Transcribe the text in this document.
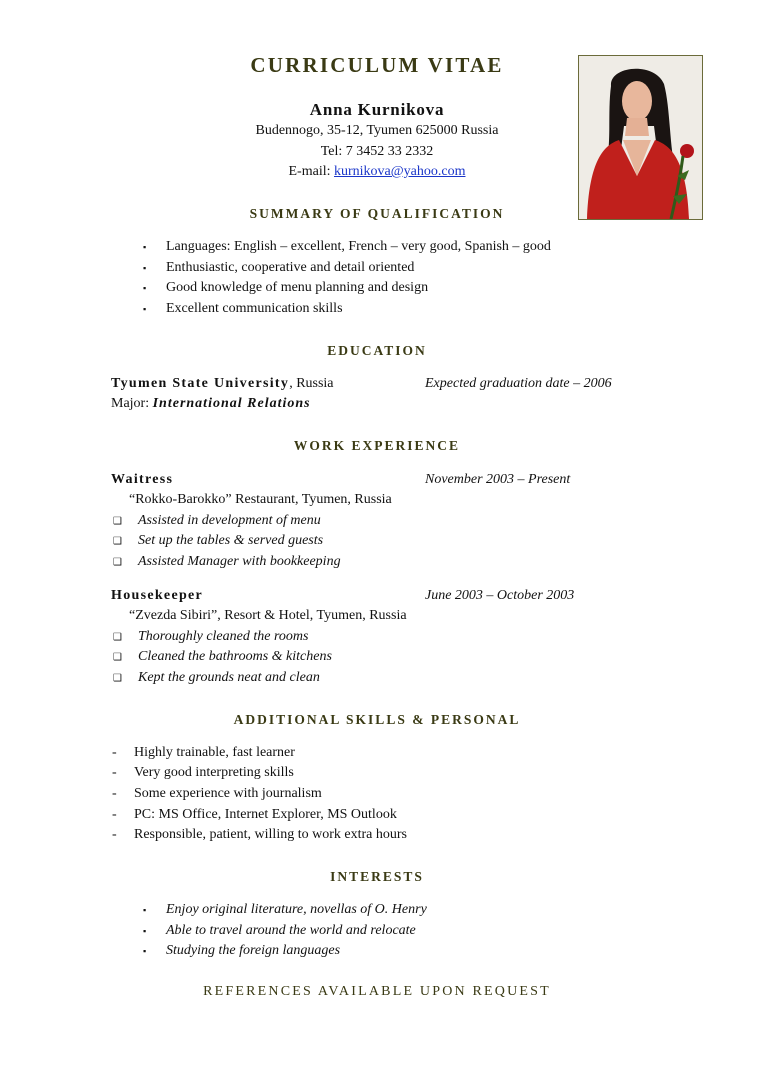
CURRICULUM VITAE
Anna Kurnikova
Budennogo, 35-12, Tyumen 625000 Russia
Tel: 7 3452 33 2332
E-mail: kurnikova@yahoo.com
SUMMARY OF QUALIFICATION
▪ Languages: English – excellent, French – very good, Spanish – good
▪ Enthusiastic, cooperative and detail oriented
▪ Good knowledge of menu planning and design
▪ Excellent communication skills
EDUCATION
Tyumen State University, Russia	Expected graduation date – 2006
Major: International Relations
WORK EXPERIENCE
Waitress	November 2003 – Present
“Rokko-Barokko” Restaurant, Tyumen, Russia
❑ Assisted in development of menu
❑ Set up the tables & served guests
❑ Assisted Manager with bookkeeping
Housekeeper	June 2003 – October 2003
“Zvezda Sibiri”, Resort & Hotel, Tyumen, Russia
❑ Thoroughly cleaned the rooms
❑ Cleaned the bathrooms & kitchens
❑ Kept the grounds neat and clean
ADDITIONAL SKILLS & PERSONAL
- Highly trainable, fast learner
- Very good interpreting skills
- Some experience with journalism
- PC: MS Office, Internet Explorer, MS Outlook
- Responsible, patient, willing to work extra hours
INTERESTS
▪ Enjoy original literature, novellas of O. Henry
▪ Able to travel around the world and relocate
▪ Studying the foreign languages
REFERENCES AVAILABLE UPON REQUEST
